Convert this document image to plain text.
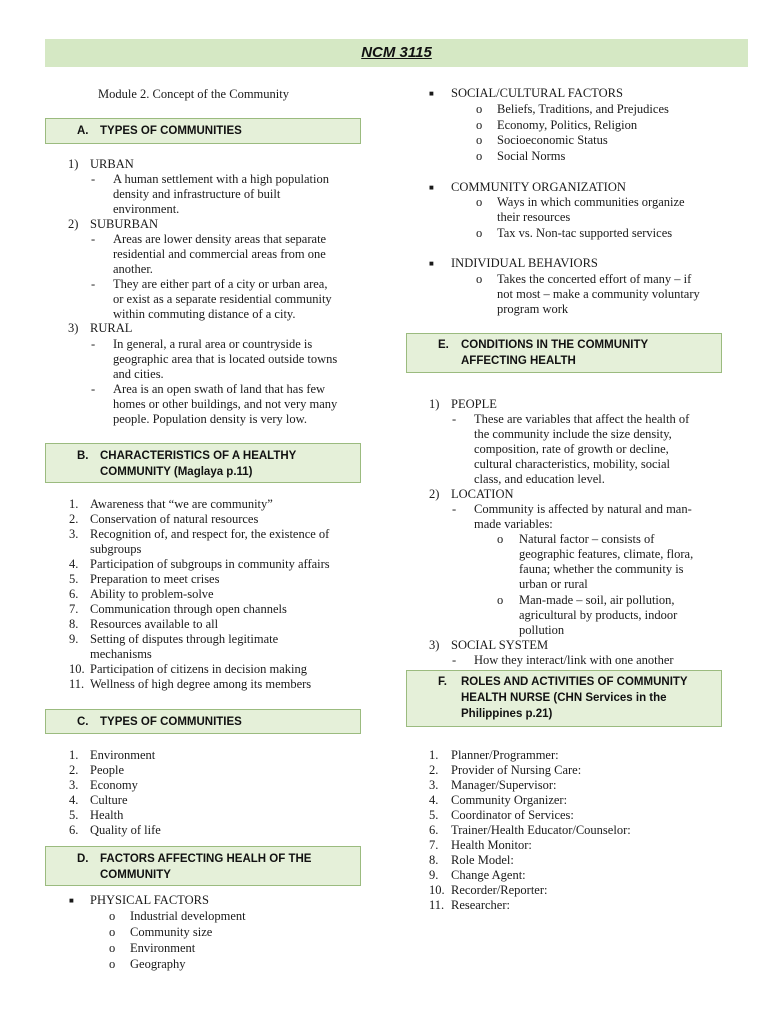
NCM 3115
Module 2. Concept of the Community
A. TYPES OF COMMUNITIES
1) URBAN
- A human settlement with a high population
density and infrastructure of built
environment.
2) SUBURBAN
- Areas are lower density areas that separate
residential and commercial areas from one
another.
- They are either part of a city or urban area,
or exist as a separate residential community
within commuting distance of a city.
3) RURAL
- In general, a rural area or countryside is
geographic area that is located outside towns
and cities.
- Area is an open swath of land that has few
homes or other buildings, and not very many
people. Population density is very low.
B. CHARACTERISTICS OF A HEALTHY
COMMUNITY (Maglaya p.11)
1. Awareness that “we are community”
2. Conservation of natural resources
3. Recognition of, and respect for, the existence of
subgroups
4. Participation of subgroups in community affairs
5. Preparation to meet crises
6. Ability to problem-solve
7. Communication through open channels
8. Resources available to all
9. Setting of disputes through legitimate
mechanisms
10. Participation of citizens in decision making
11. Wellness of high degree among its members
C. TYPES OF COMMUNITIES
1. Environment
2. People
3. Economy
4. Culture
5. Health
6. Quality of life
D. FACTORS AFFECTING HEALH OF THE
COMMUNITY
■ PHYSICAL FACTORS
o Industrial development
o Community size
o Environment
o Geography
■ SOCIAL/CULTURAL FACTORS
o Beliefs, Traditions, and Prejudices
o Economy, Politics, Religion
o Socioeconomic Status
o Social Norms
■ COMMUNITY ORGANIZATION
o Ways in which communities organize
their resources
o Tax vs. Non-tac supported services
■ INDIVIDUAL BEHAVIORS
o Takes the concerted effort of many – if
not most – make a community voluntary
program work
E. CONDITIONS IN THE COMMUNITY
AFFECTING HEALTH
1) PEOPLE
- These are variables that affect the health of
the community include the size density,
composition, rate of growth or decline,
cultural characteristics, mobility, social
class, and education level.
2) LOCATION
- Community is affected by natural and man-
made variables:
o Natural factor – consists of
geographic features, climate, flora,
fauna; whether the community is
urban or rural
o Man-made – soil, air pollution,
agricultural by products, indoor
pollution
3) SOCIAL SYSTEM
- How they interact/link with one another
F. ROLES AND ACTIVITIES OF COMMUNITY
HEALTH NURSE (CHN Services in the
Philippines p.21)
1. Planner/Programmer:
2. Provider of Nursing Care:
3. Manager/Supervisor:
4. Community Organizer:
5. Coordinator of Services:
6. Trainer/Health Educator/Counselor:
7. Health Monitor:
8. Role Model:
9. Change Agent:
10. Recorder/Reporter:
11. Researcher:
